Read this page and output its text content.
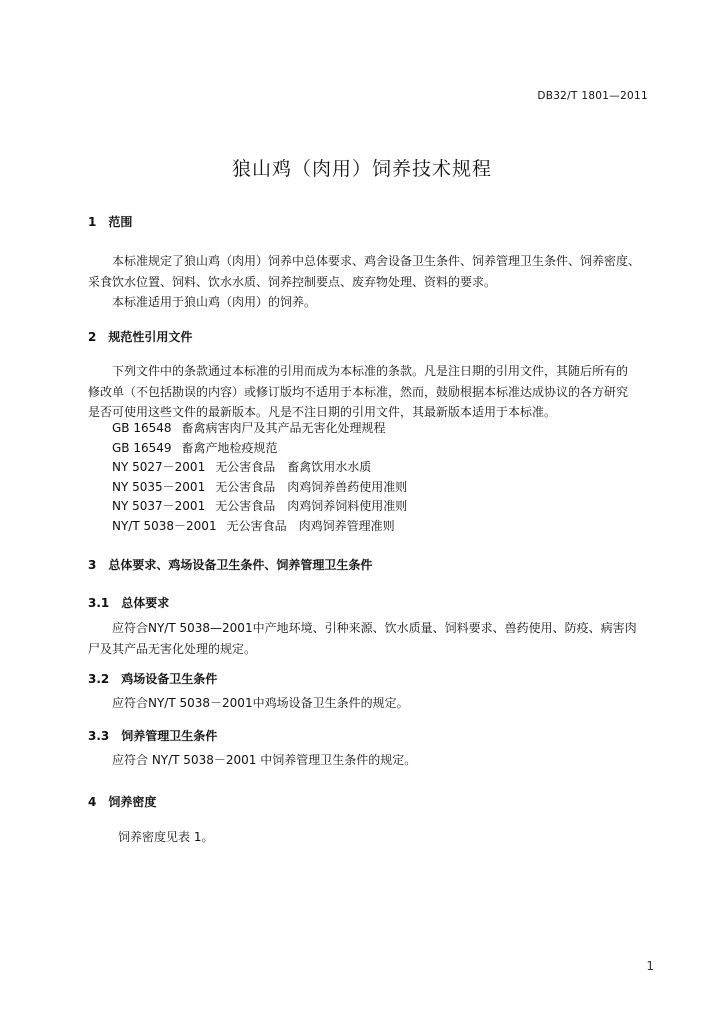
DB32/T 1801—2011
狼山鸡（肉用）饲养技术规程
1　范围
本标准规定了狼山鸡（肉用）饲养中总体要求、鸡舍设备卫生条件、饲养管理卫生条件、饲养密度、
采食饮水位置、饲料、饮水水质、饲养控制要点、废弃物处理、资料的要求。
本标准适用于狼山鸡（肉用）的饲养。
2　规范性引用文件
下列文件中的条款通过本标准的引用而成为本标准的条款。凡是注日期的引用文件，其随后所有的
修改单（不包括勘误的内容）或修订版均不适用于本标准，然而，鼓励根据本标准达成协议的各方研究
是否可使用这些文件的最新版本。凡是不注日期的引用文件，其最新版本适用于本标准。
GB 16548 畜禽病害肉尸及其产品无害化处理规程
GB 16549 畜禽产地检疫规范
NY 5027－2001 无公害食品　畜禽饮用水水质
NY 5035－2001 无公害食品　肉鸡饲养兽药使用准则
NY 5037－2001 无公害食品　肉鸡饲养饲料使用准则
NY/T 5038－2001 无公害食品　肉鸡饲养管理准则
3　总体要求、鸡场设备卫生条件、饲养管理卫生条件
3.1　总体要求
应符合NY/T 5038—2001中产地环境、引种来源、饮水质量、饲料要求、兽药使用、防疫、病害肉
尸及其产品无害化处理的规定。
3.2　鸡场设备卫生条件
应符合NY/T 5038－2001中鸡场设备卫生条件的规定。
3.3　饲养管理卫生条件
应符合 NY/T 5038－2001 中饲养管理卫生条件的规定。
4　饲养密度
饲养密度见表 1。
1
